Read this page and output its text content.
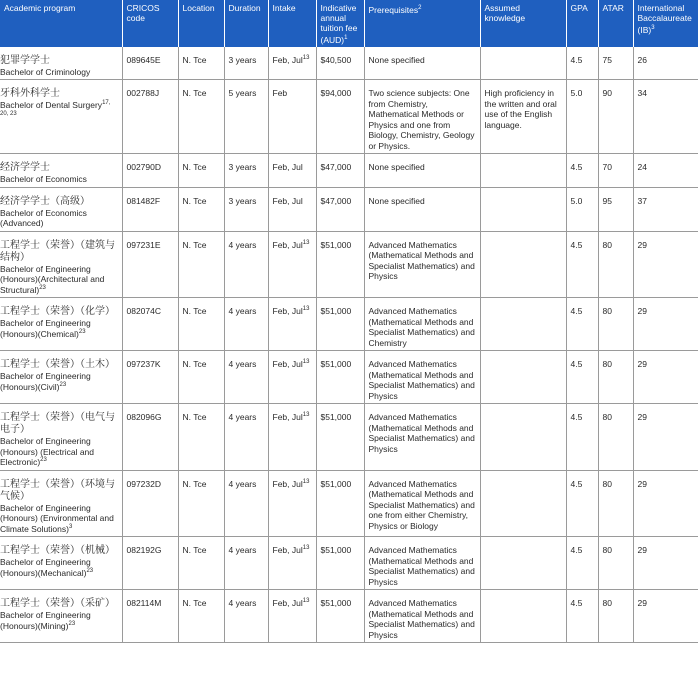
Academic program	CRICOS code	Location	Duration	Intake	Indicative annual tuition fee (AUD)$^1$	Prerequisites$^2$	Assumed knowledge	GPA	ATAR	International Baccalaureate (IB)$^3$

犯罪学学士
Bachelor of Criminology	089645E	N. Tce	3 years	Feb, Jul$^{13}$	$40,500	None specified		4.5	75	26

牙科外科学士
Bachelor of Dental Surgery$^{17, 20, 23}$	002788J	N. Tce	5 years	Feb	$94,000	Two science subjects: One from Chemistry, Mathematical Methods or Physics and one from Biology, Chemistry, Geology or Physics.	High proficiency in the written and oral use of the English language.	5.0	90	34

经济学学士
Bachelor of Economics	002790D	N. Tce	3 years	Feb, Jul	$47,000	None specified		4.5	70	24

经济学学士（高级）
Bachelor of Economics (Advanced)	081482F	N. Tce	3 years	Feb, Jul	$47,000	None specified		5.0	95	37

工程学士（荣誉）（建筑与结构）
Bachelor of Engineering (Honours)(Architectural and Structural)$^{23}$	097231E	N. Tce	4 years	Feb, Jul$^{13}$	$51,000	Advanced Mathematics (Mathematical Methods and Specialist Mathematics) and Physics		4.5	80	29

工程学士（荣誉）（化学）
Bachelor of Engineering (Honours)(Chemical)$^{23}$	082074C	N. Tce	4 years	Feb, Jul$^{13}$	$51,000	Advanced Mathematics (Mathematical Methods and Specialist Mathematics) and Chemistry		4.5	80	29

工程学士（荣誉）（土木）
Bachelor of Engineering (Honours)(Civil)$^{23}$	097237K	N. Tce	4 years	Feb, Jul$^{13}$	$51,000	Advanced Mathematics (Mathematical Methods and Specialist Mathematics) and Physics		4.5	80	29

工程学士（荣誉）（电气与电子）
Bachelor of Engineering (Honours) (Electrical and Electronic)$^{23}$	082096G	N. Tce	4 years	Feb, Jul$^{13}$	$51,000	Advanced Mathematics (Mathematical Methods and Specialist Mathematics) and Physics		4.5	80	29

工程学士（荣誉）（环境与气候）
Bachelor of Engineering (Honours) (Environmental and Climate Solutions)$^3$	097232D	N. Tce	4 years	Feb, Jul$^{13}$	$51,000	Advanced Mathematics (Mathematical Methods and Specialist Mathematics) and one from either Chemistry, Physics or Biology		4.5	80	29

工程学士（荣誉）（机械）
Bachelor of Engineering (Honours)(Mechanical)$^{23}$	082192G	N. Tce	4 years	Feb, Jul$^{13}$	$51,000	Advanced Mathematics (Mathematical Methods and Specialist Mathematics) and Physics		4.5	80	29

工程学士（荣誉）（采矿）
Bachelor of Engineering (Honours)(Mining)$^{23}$	082114M	N. Tce	4 years	Feb, Jul$^{13}$	$51,000	Advanced Mathematics (Mathematical Methods and Specialist Mathematics) and Physics		4.5	80	29
